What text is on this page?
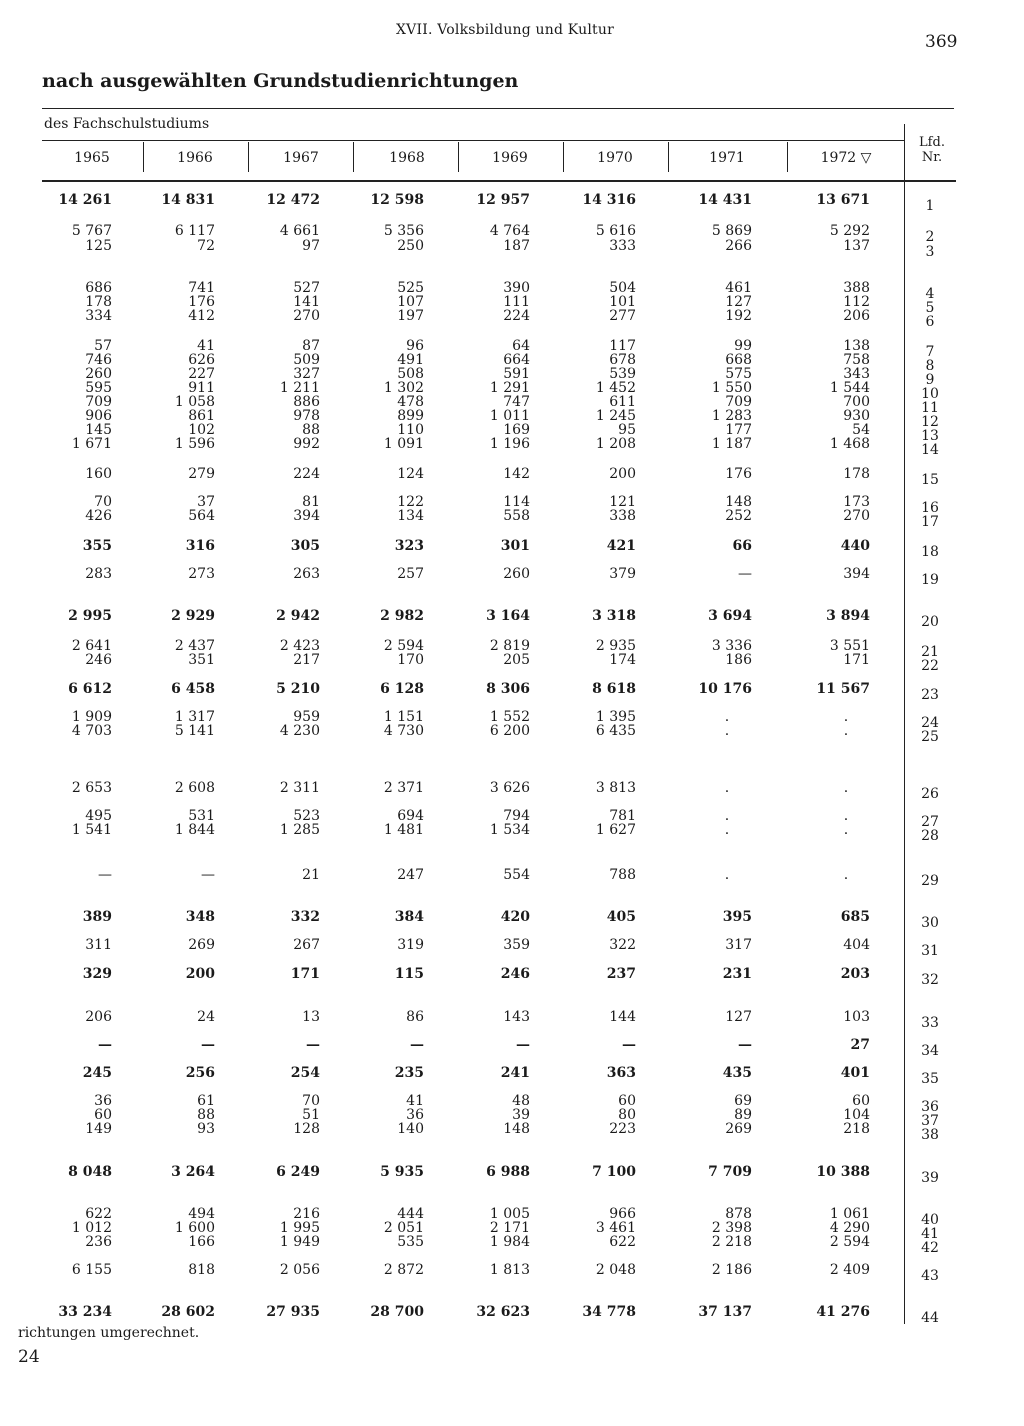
XVII. Volksbildung und Kultur
369
nach ausgewählten Grundstudienrichtungen
des Fachschulstudiums
1965	1966	1967	1968	1969	1970	1971	1972 ▽
Lfd. Nr.
14 261	14 831	12 472	12 598	12 957	14 316	14 431	13 671	1
5 767	6 117	4 661	5 356	4 764	5 616	5 869	5 292	2
125	72	97	250	187	333	266	137	3
686	741	527	525	390	504	461	388	4
178	176	141	107	111	101	127	112	5
334	412	270	197	224	277	192	206	6
57	41	87	96	64	117	99	138	7
746	626	509	491	664	678	668	758	8
260	227	327	508	591	539	575	343	9
595	911	1 211	1 302	1 291	1 452	1 550	1 544	10
709	1 058	886	478	747	611	709	700	11
906	861	978	899	1 011	1 245	1 283	930	12
145	102	88	110	169	95	177	54	13
1 671	1 596	992	1 091	1 196	1 208	1 187	1 468	14
160	279	224	124	142	200	176	178	15
70	37	81	122	114	121	148	173	16
426	564	394	134	558	338	252	270	17
355	316	305	323	301	421	66	440	18
283	273	263	257	260	379	—	394	19
2 995	2 929	2 942	2 982	3 164	3 318	3 694	3 894	20
2 641	2 437	2 423	2 594	2 819	2 935	3 336	3 551	21
246	351	217	170	205	174	186	171	22
6 612	6 458	5 210	6 128	8 306	8 618	10 176	11 567	23
1 909	1 317	959	1 151	1 552	1 395	.	.	24
4 703	5 141	4 230	4 730	6 200	6 435	.	.	25
2 653	2 608	2 311	2 371	3 626	3 813	.	.	26
495	531	523	694	794	781	.	.	27
1 541	1 844	1 285	1 481	1 534	1 627	.	.	28
—	—	21	247	554	788	.	.	29
389	348	332	384	420	405	395	685	30
311	269	267	319	359	322	317	404	31
329	200	171	115	246	237	231	203	32
206	24	13	86	143	144	127	103	33
—	—	—	—	—	—	—	27	34
245	256	254	235	241	363	435	401	35
36	61	70	41	48	60	69	60	36
60	88	51	36	39	80	89	104	37
149	93	128	140	148	223	269	218	38
8 048	3 264	6 249	5 935	6 988	7 100	7 709	10 388	39
622	494	216	444	1 005	966	878	1 061	40
1 012	1 600	1 995	2 051	2 171	3 461	2 398	4 290	41
236	166	1 949	535	1 984	622	2 218	2 594	42
6 155	818	2 056	2 872	1 813	2 048	2 186	2 409	43
33 234	28 602	27 935	28 700	32 623	34 778	37 137	41 276	44
richtungen umgerechnet.
24
